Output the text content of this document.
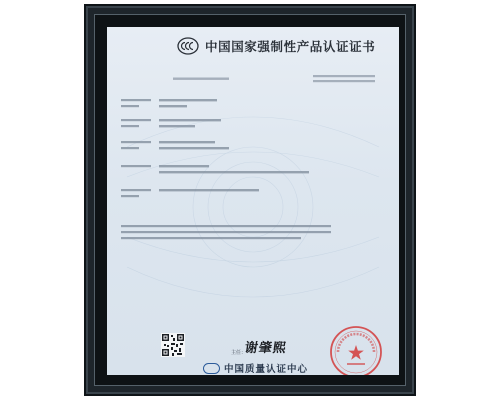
中国国家强制性产品认证证书
主任：
谢肇熙
中国质量认证中心
